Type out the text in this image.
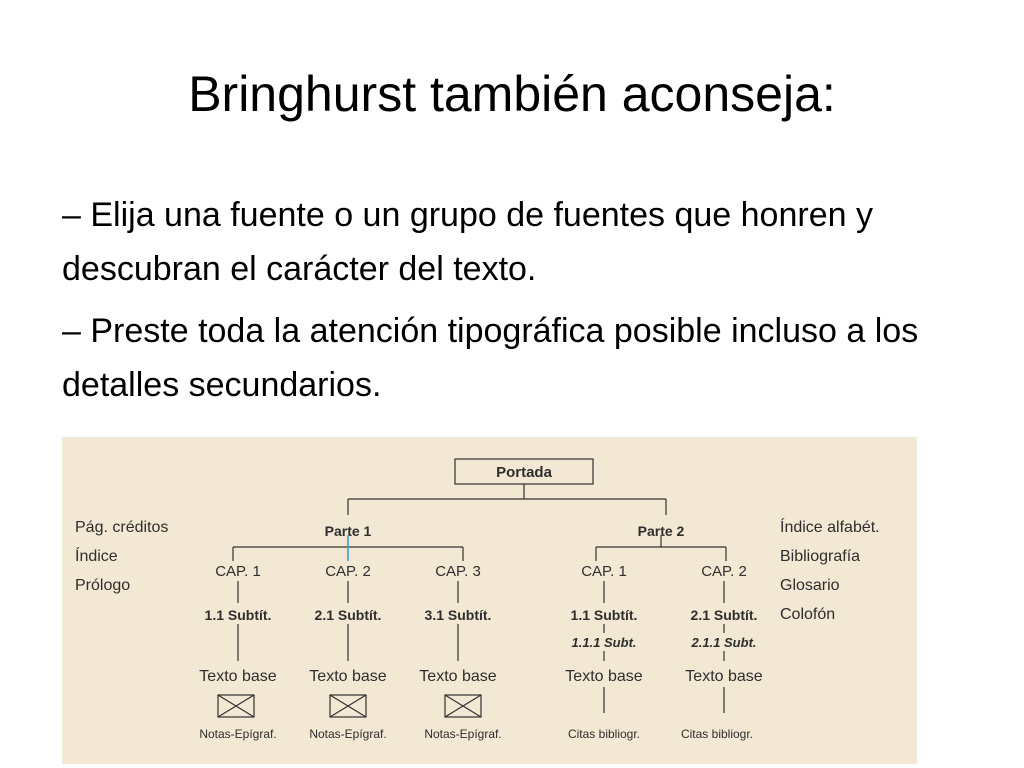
Bringhurst también aconseja:

– Elija una fuente o un grupo de fuentes que honren y descubran el carácter del texto.

– Preste toda la atención tipográfica posible incluso a los detalles secundarios.

Portada
Parte 1	Parte 2
CAP. 1	CAP. 2	CAP. 3	CAP. 1	CAP. 2
1.1 Subtít.	2.1 Subtít.	3.1 Subtít.	1.1 Subtít.	2.1 Subtít.
1.1.1 Subt.	2.1.1 Subt.
Texto base Texto base Texto base	Texto base	Texto base
Notas-Epígraf.	Notas-Epígraf.	Notas-Epígraf.	Citas bibliogr.	Citas bibliogr.
Pág. créditos
Índice
Prólogo
Índice alfabét.
Bibliografía
Glosario
Colofón
